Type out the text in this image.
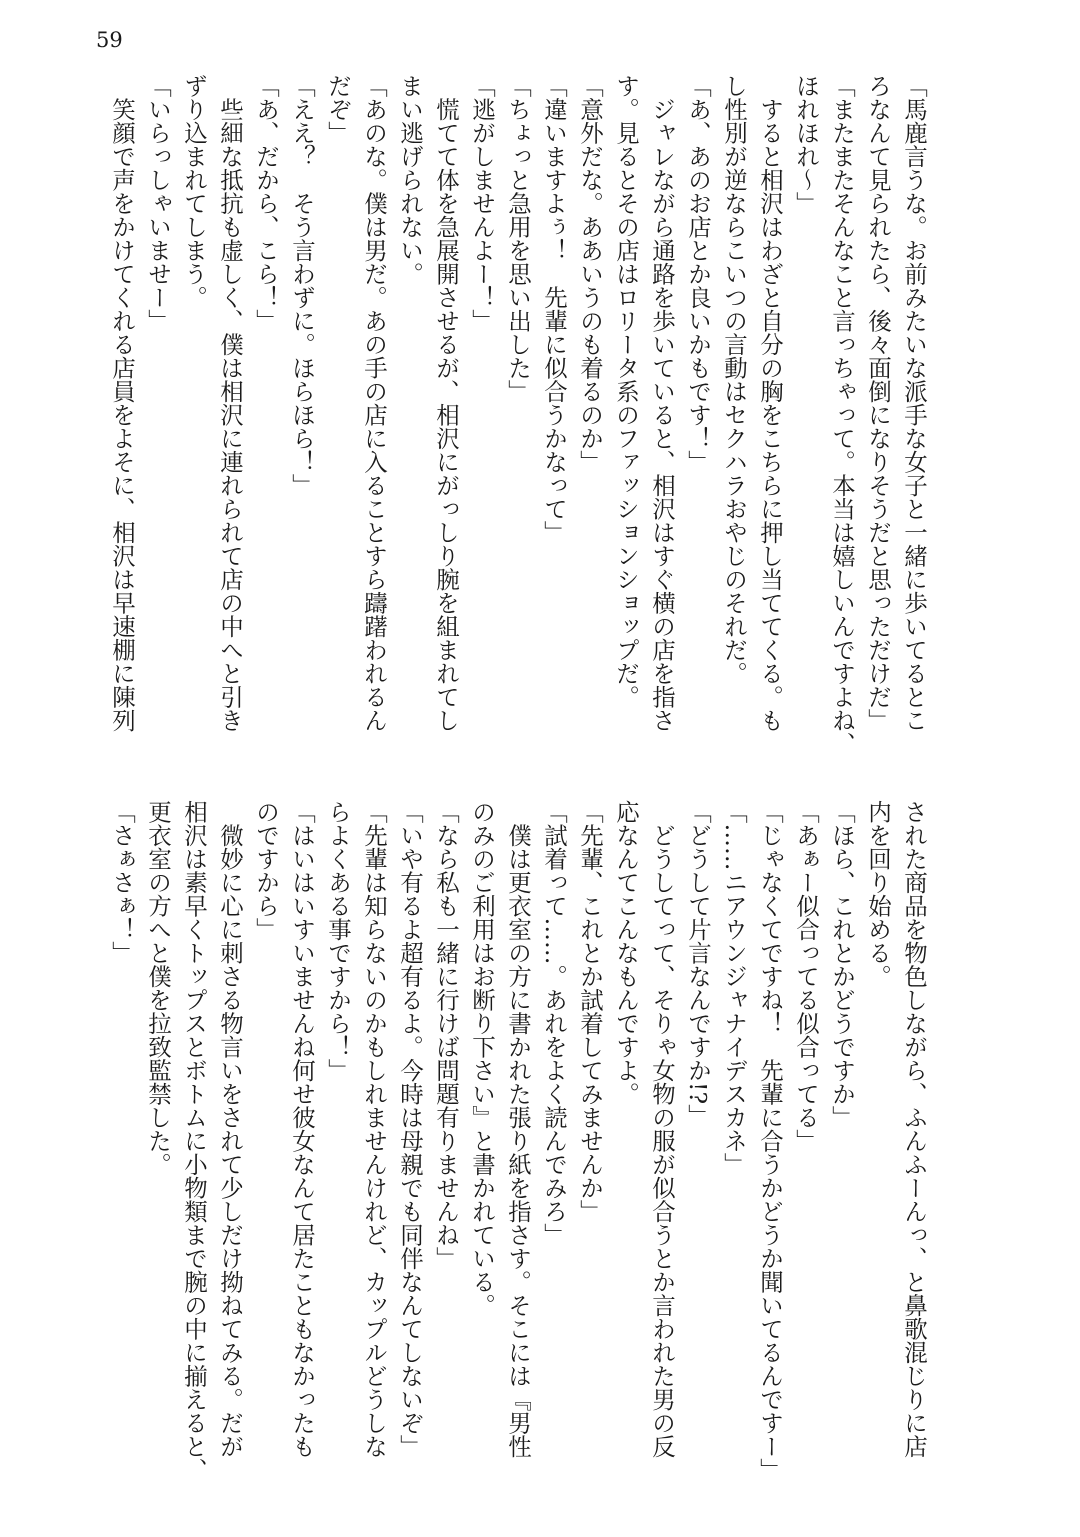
59
「馬鹿言うな。お前みたいな派手な女子と一緒に歩いてるとこ
ろなんて見られたら、後々面倒になりそうだと思っただけだ」
「またまたそんなこと言っちゃって。本当は嬉しいんですよね、
ほれほれ〜」
　すると相沢はわざと自分の胸をこちらに押し当ててくる。も
し性別が逆ならこいつの言動はセクハラおやじのそれだ。
「あ、あのお店とか良いかもです！」
　ジャレながら通路を歩いていると、相沢はすぐ横の店を指さ
す。見るとその店はロリータ系のファッションショップだ。
「意外だな。ああいうのも着るのか」
「違いますよぅ！　先輩に似合うかなって」
「ちょっと急用を思い出した」
「逃がしませんよー！」
　慌てて体を急展開させるが、相沢にがっしり腕を組まれてし
まい逃げられない。
「あのな。僕は男だ。あの手の店に入ることすら躊躇われるん
だぞ」
「ええ？　そう言わずに。ほらほら！」
「あ、だから、こら！」
　些細な抵抗も虚しく、僕は相沢に連れられて店の中へと引き
ずり込まれてしまう。
「いらっしゃいませー」
　笑顔で声をかけてくれる店員をよそに、相沢は早速棚に陳列
された商品を物色しながら、ふんふーんっ、と鼻歌混じりに店
内を回り始める。
「ほら、これとかどうですか」
「あぁー似合ってる似合ってる」
「じゃなくてですね！　先輩に合うかどうか聞いてるんですー」
「……ニアウンジャナイデスカネ」
「どうして片言なんですか!?」
　どうしてって、そりゃ女物の服が似合うとか言われた男の反
応なんてこんなもんですよ。
「先輩、これとか試着してみませんか」
「試着って……。あれをよく読んでみろ」
　僕は更衣室の方に書かれた張り紙を指さす。そこには『男性
のみのご利用はお断り下さい』と書かれている。
「なら私も一緒に行けば問題有りませんね」
「いや有るよ超有るよ。今時は母親でも同伴なんてしないぞ」
「先輩は知らないのかもしれませんけれど、カップルどうしな
らよくある事ですから！」
「はいはいすいませんね何せ彼女なんて居たこともなかったも
のですから」
　微妙に心に刺さる物言いをされて少しだけ拗ねてみる。だが
相沢は素早くトップスとボトムに小物類まで腕の中に揃えると、
更衣室の方へと僕を拉致監禁した。
「さぁさぁ！」
